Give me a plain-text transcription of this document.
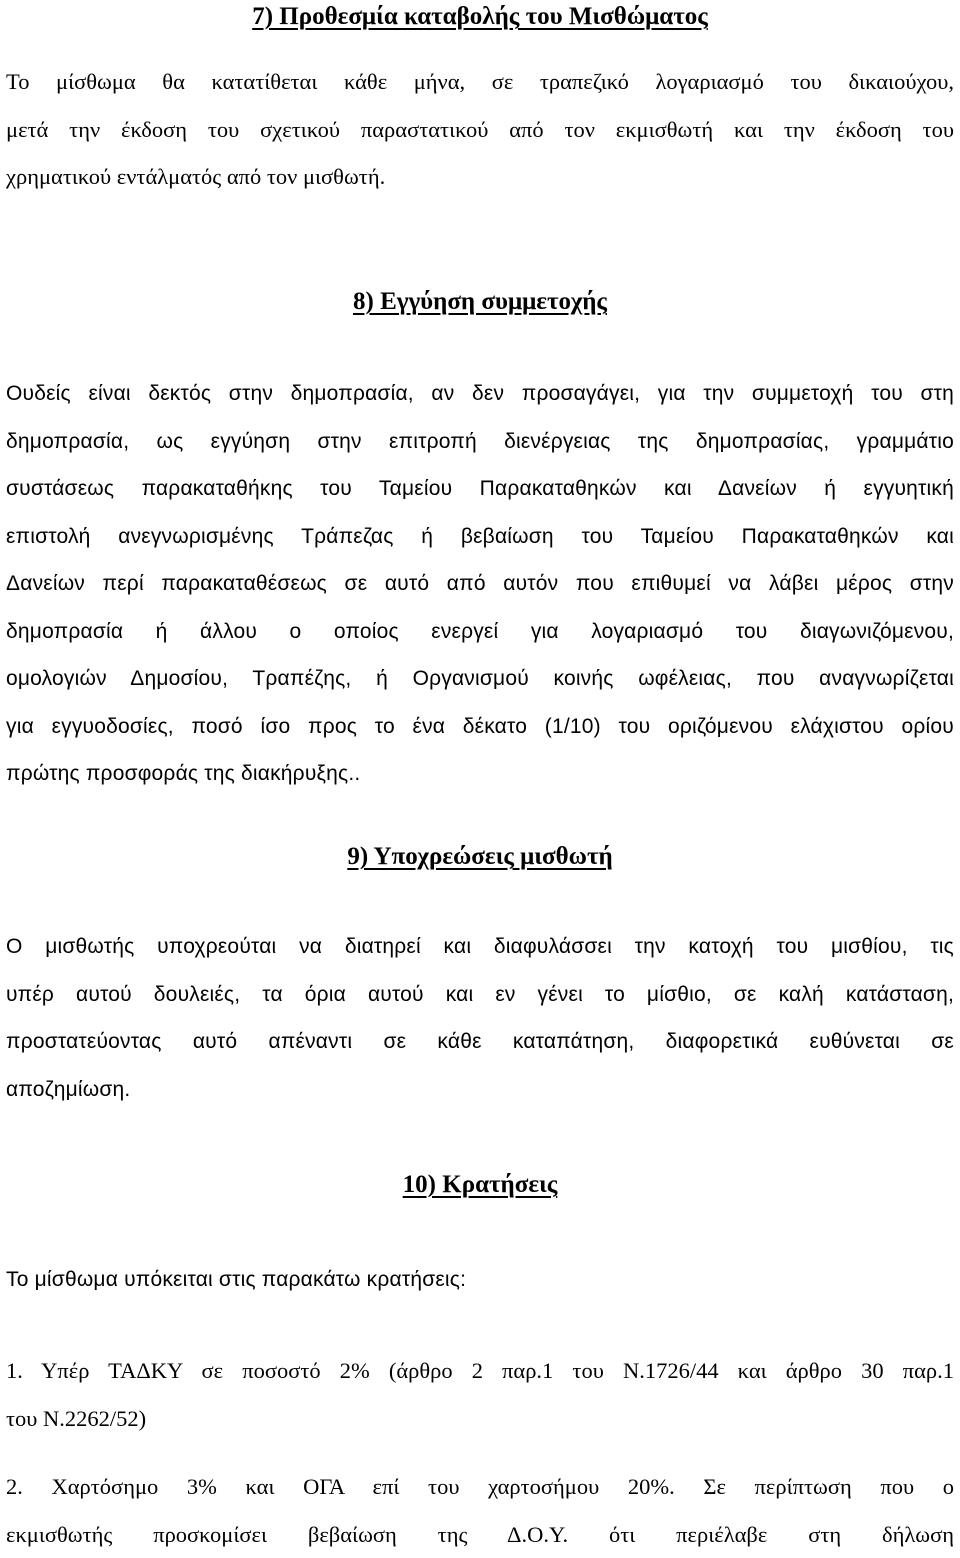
7) Προθεσμία καταβολής του Μισθώματος
Το μίσθωμα θα κατατίθεται κάθε μήνα, σε τραπεζικό λογαριασμό του δικαιούχου,
μετά την έκδοση του σχετικού παραστατικού από τον εκμισθωτή και την έκδοση του
χρηματικού εντάλματός από τον μισθωτή.
8) Εγγύηση συμμετοχής
Ουδείς είναι δεκτός στην δημοπρασία, αν δεν προσαγάγει, για την συμμετοχή του στη
δημοπρασία, ως εγγύηση στην επιτροπή διενέργειας της δημοπρασίας, γραμμάτιο
συστάσεως παρακαταθήκης του Ταμείου Παρακαταθηκών και Δανείων ή εγγυητική
επιστολή ανεγνωρισμένης Τράπεζας ή βεβαίωση του Ταμείου Παρακαταθηκών και
Δανείων περί παρακαταθέσεως σε αυτό από αυτόν που επιθυμεί να λάβει μέρος στην
δημοπρασία ή άλλου ο οποίος ενεργεί για λογαριασμό του διαγωνιζόμενου,
ομολογιών Δημοσίου, Τραπέζης, ή Οργανισμού κοινής ωφέλειας, που αναγνωρίζεται
για εγγυοδοσίες, ποσό ίσο προς το ένα δέκατο (1/10) του οριζόμενου ελάχιστου ορίου
πρώτης προσφοράς της διακήρυξης..
9) Υποχρεώσεις μισθωτή
Ο μισθωτής υποχρεούται να διατηρεί και διαφυλάσσει την κατοχή του μισθίου, τις
υπέρ αυτού δουλειές, τα όρια αυτού και εν γένει το μίσθιο, σε καλή κατάσταση,
προστατεύοντας αυτό απέναντι σε κάθε καταπάτηση, διαφορετικά ευθύνεται σε
αποζημίωση.
10) Κρατήσεις
Το μίσθωμα υπόκειται στις παρακάτω κρατήσεις:
1. Υπέρ ΤΑΔΚΥ σε ποσοστό 2% (άρθρο 2 παρ.1 του Ν.1726/44 και άρθρο 30 παρ.1
του Ν.2262/52)
2. Χαρτόσημο 3% και ΟΓΑ επί του χαρτοσήμου 20%. Σε περίπτωση που ο
εκμισθωτής προσκομίσει βεβαίωση της Δ.Ο.Υ. ότι περιέλαβε στη δήλωση
